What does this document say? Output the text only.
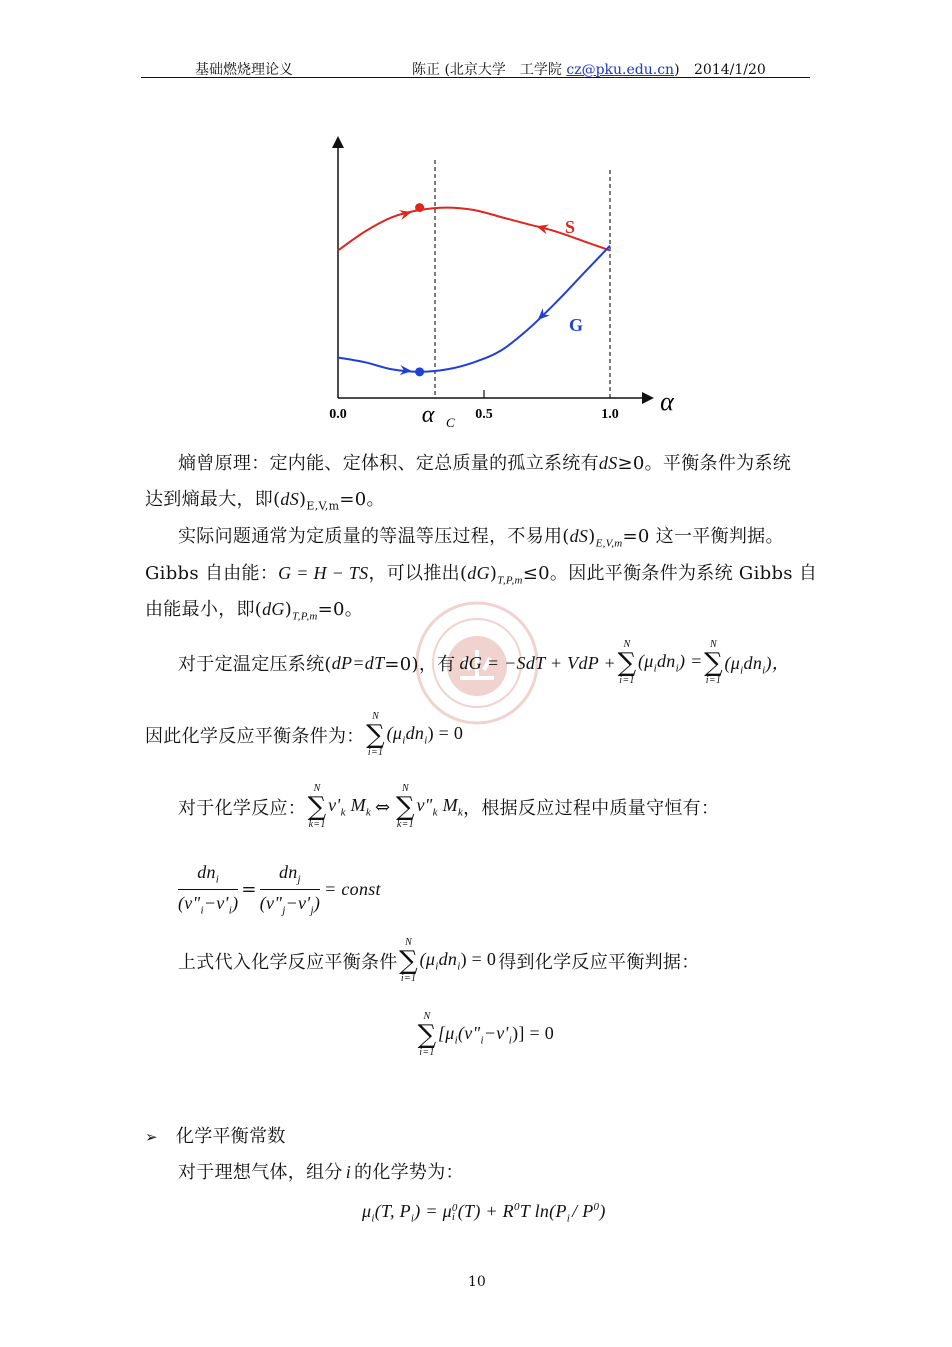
基础燃烧理论义	陈正 (北京大学　工学院 cz@pku.edu.cn) 2014/1/20
0.0	0.5	1.0
α C
α
S
G
熵曾原理：定内能、定体积、定总质量的孤立系统有dS≥0。平衡条件为系统
达到熵最大，即$(dS)_{E,V,m}=0$。
实际问题通常为定质量的等温等压过程，不易用$(dS)_{E,V,m}=0$ 这一平衡判据。
Gibbs 自由能：G = H − TS，可以推出$(dG)_{T,P,m}\le 0$。因此平衡条件为系统 Gibbs 自
由能最小，即$(dG)_{T,P,m}=0$。
对于定温定压系统( dP=dT =0)，有 dG = −SdT + VdP +
N
∑
i=1
$(\mu_idn_i)$ =
N
∑
i=1
$(\mu_idn_i)$，
因此化学反应平衡条件为：
N
∑
i=1
$(\mu_idn_i) = 0$
对于化学反应：
N
∑
k=1
$\nu'_k$ $M_k$ ⇔
N
∑
k=1
$\nu"_k$ $M_k$ ，根据反应过程中质量守恒有：
$\frac{dn_i}{(\nu"_i-\nu'_i)} = \frac{dn_j}{(\nu"_j-\nu'_j)}$ = const
上式代入化学反应平衡条件
N
∑
i=1
$(\mu_idn_i) = 0$ 得到化学反应平衡判据：
N
∑
i=1
$[\mu_i(\nu"_i-\nu'_i)] = 0$
➢ 化学平衡常数
对于理想气体，组分 i 的化学势为：
$\mu_i(T$, $P_i) = \mu$ 0
i $(T) + R^0T$ $\ln(P_i / P^0)$
10
